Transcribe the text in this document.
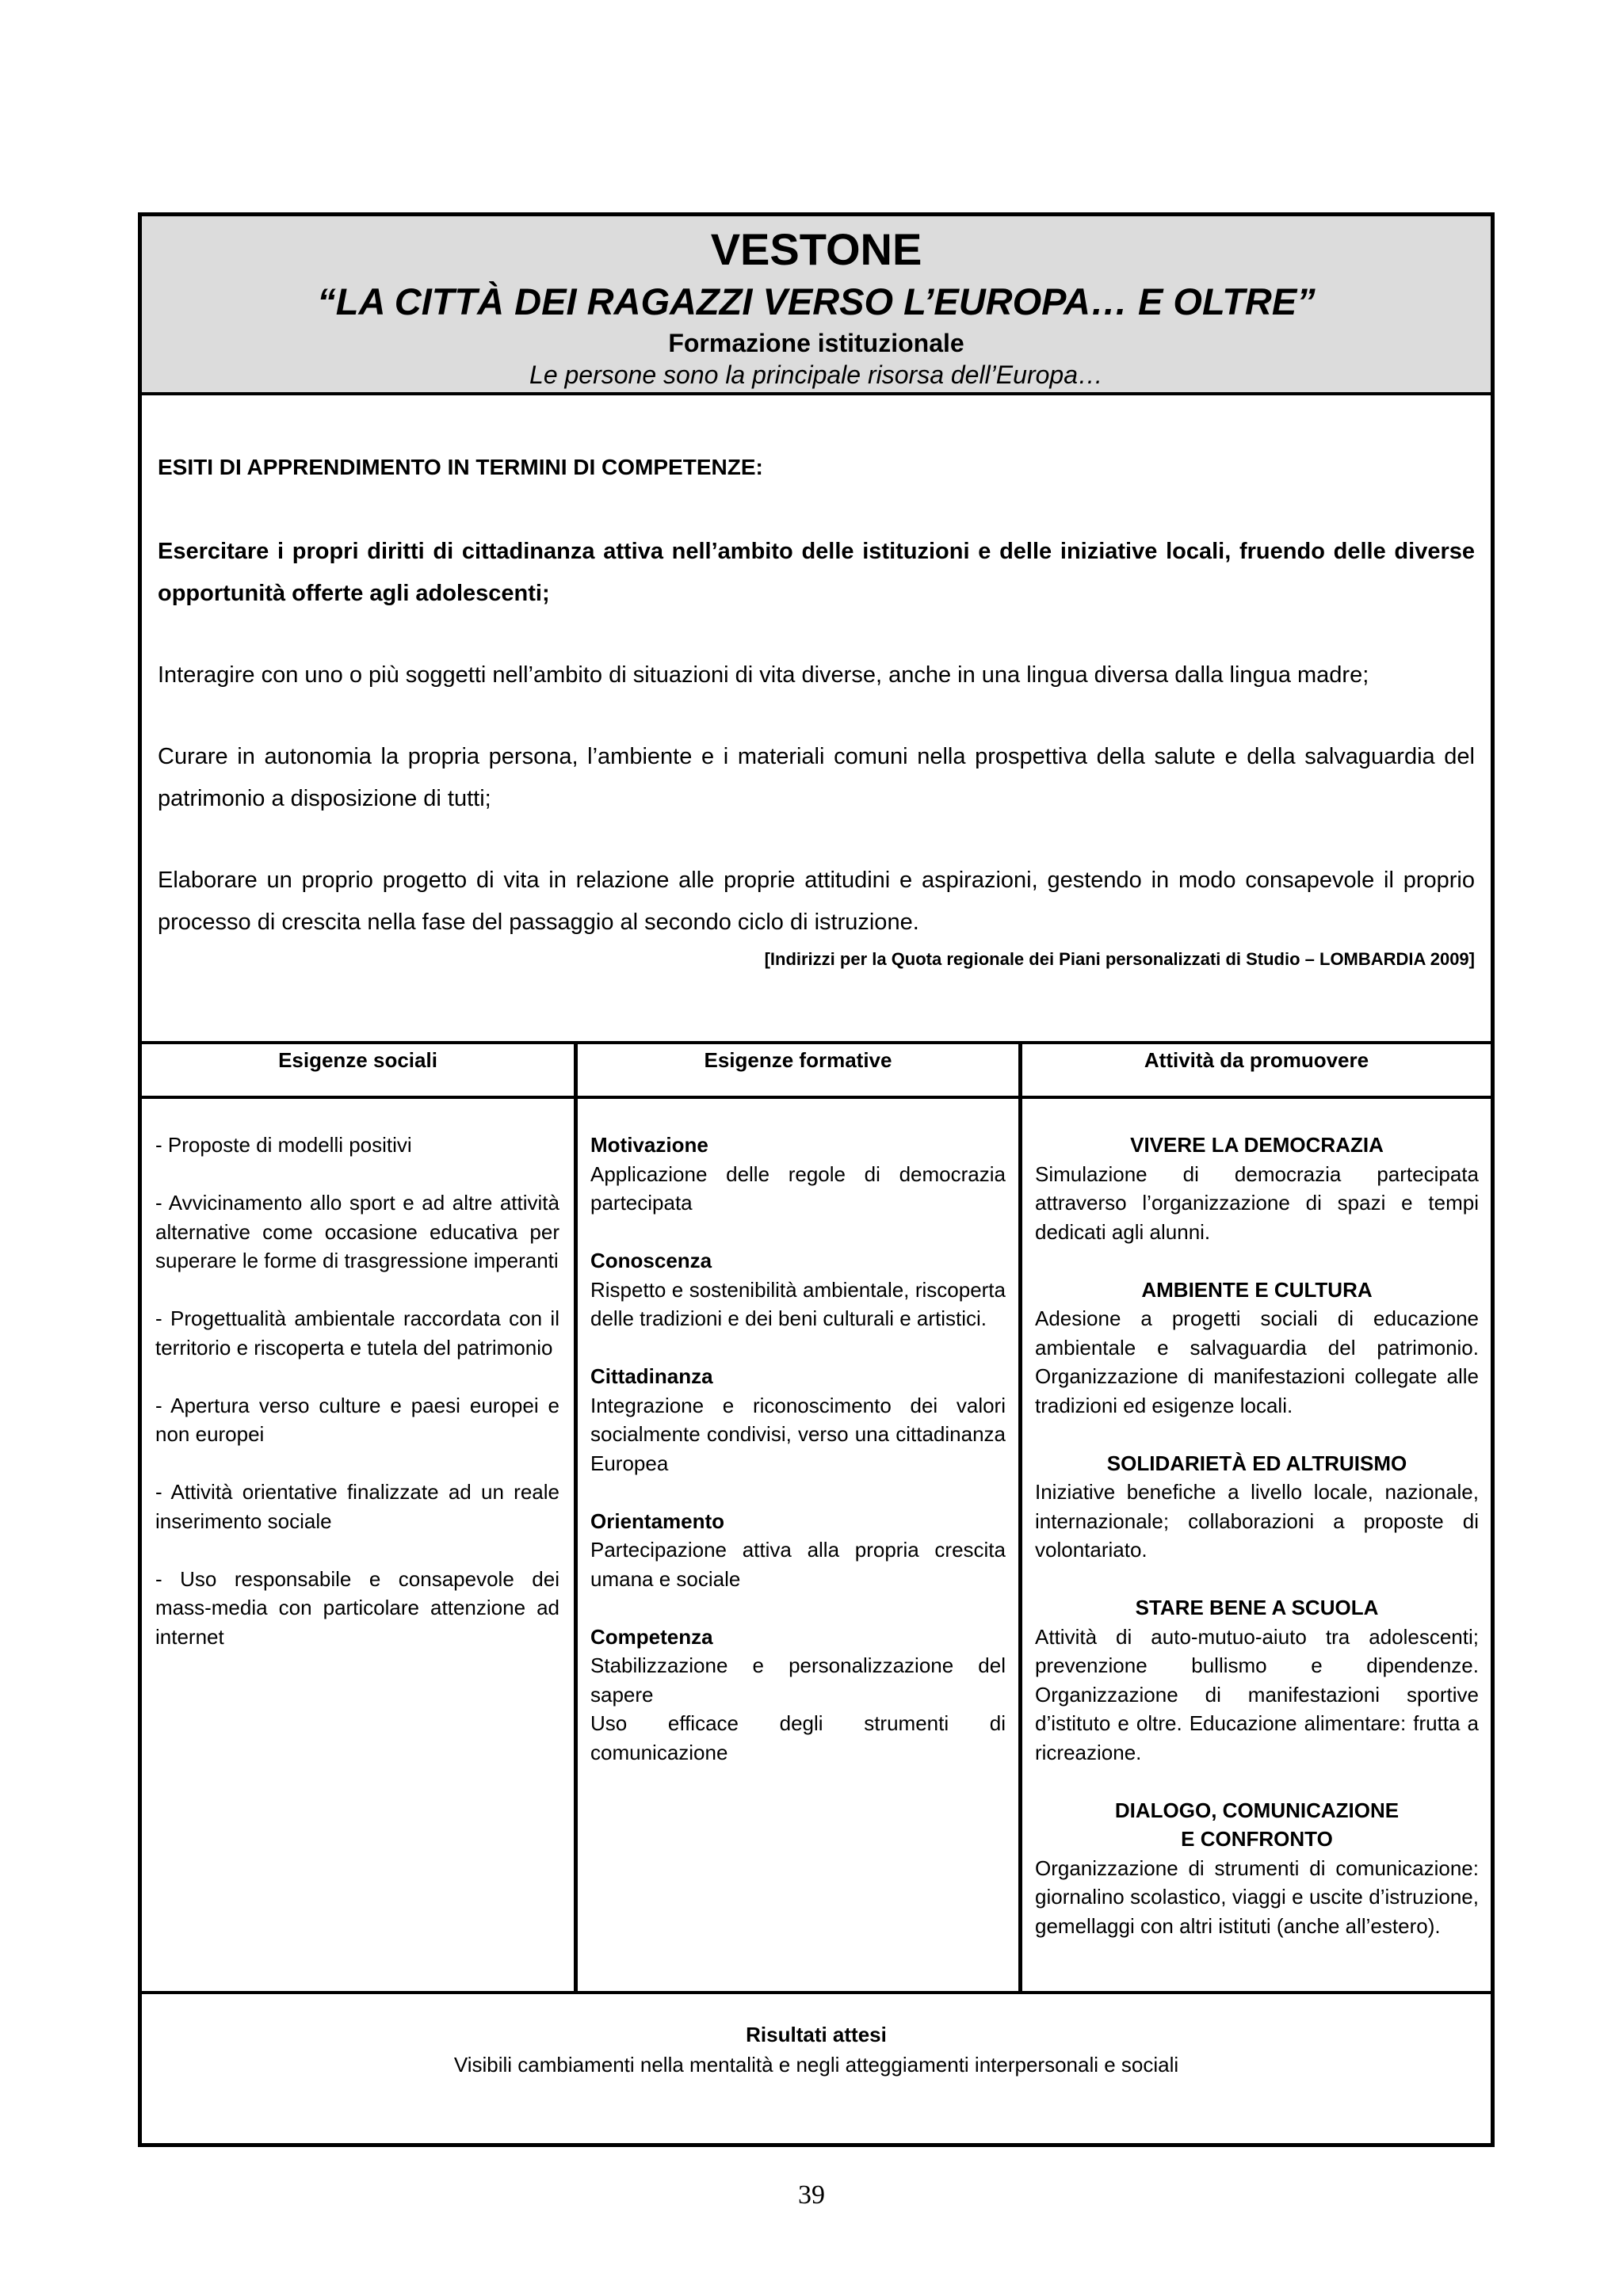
VESTONE
“LA CITTÀ DEI RAGAZZI VERSO L’EUROPA… E OLTRE”
Formazione istituzionale
Le persone sono la principale risorsa dell’Europa…
ESITI DI APPRENDIMENTO IN TERMINI DI COMPETENZE:

Esercitare i propri diritti di cittadinanza attiva nell’ambito delle istituzioni e delle iniziative locali, fruendo delle diverse opportunità offerte agli adolescenti;

Interagire con uno o più soggetti nell’ambito di situazioni di vita diverse, anche in una lingua diversa dalla lingua madre;

Curare in autonomia la propria persona, l’ambiente e i materiali comuni nella prospettiva della salute e della salvaguardia del patrimonio a disposizione di tutti;

Elaborare un proprio progetto di vita in relazione alle proprie attitudini e aspirazioni, gestendo in modo consapevole il proprio processo di crescita nella fase del passaggio al secondo ciclo di istruzione.

[Indirizzi per la Quota regionale dei Piani personalizzati di Studio – LOMBARDIA 2009]
Esigenze sociali	Esigenze formative	Attività da promuovere

- Proposte di modelli positivi

- Avvicinamento allo sport e ad altre attività alternative come occasione educativa per superare le forme di trasgressione imperanti

- Progettualità ambientale raccordata con il territorio e riscoperta e tutela del patrimonio

- Apertura verso culture e paesi europei e non europei

- Attività orientative finalizzate ad un reale inserimento sociale

- Uso responsabile e consapevole dei mass-media con particolare attenzione ad internet

Motivazione

Applicazione delle regole di democrazia partecipata

Conoscenza

Rispetto e sostenibilità ambientale, riscoperta delle tradizioni e dei beni culturali e artistici.

Cittadinanza

Integrazione e riconoscimento dei valori socialmente condivisi, verso una cittadinanza Europea

Orientamento

Partecipazione attiva alla propria crescita umana e sociale

Competenza

Stabilizzazione e personalizzazione del sapere

Uso efficace degli strumenti di comunicazione

VIVERE LA DEMOCRAZIA

Simulazione di democrazia partecipata attraverso l’organizzazione di spazi e tempi dedicati agli alunni.

AMBIENTE E CULTURA

Adesione a progetti sociali di educazione ambientale e salvaguardia del patrimonio. Organizzazione di manifestazioni collegate alle tradizioni ed esigenze locali.

SOLIDARIETÀ ED ALTRUISMO

Iniziative benefiche a livello locale, nazionale, internazionale; collaborazioni a proposte di volontariato.

STARE BENE A SCUOLA

Attività di auto-mutuo-aiuto tra adolescenti; prevenzione bullismo e dipendenze. Organizzazione di manifestazioni sportive d’istituto e oltre. Educazione alimentare: frutta a ricreazione.

DIALOGO, COMUNICAZIONE

E CONFRONTO

Organizzazione di strumenti di comunicazione: giornalino scolastico, viaggi e uscite d’istruzione, gemellaggi con altri istituti (anche all’estero).

Risultati attesi
Visibili cambiamenti nella mentalità e negli atteggiamenti interpersonali e sociali
39
